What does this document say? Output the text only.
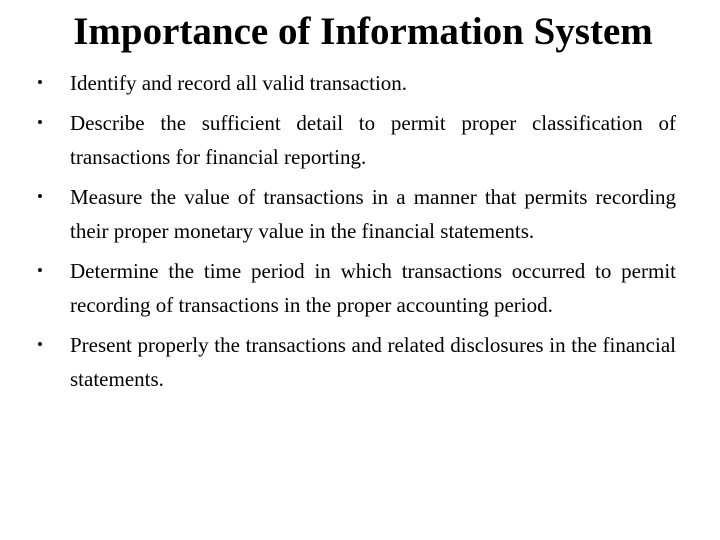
Importance of Information System
•	Identify and record all valid transaction.
•	Describe the sufficient detail to permit proper classification of transactions for financial reporting.
•	Measure the value of transactions in a manner that permits recording their proper monetary value in the financial statements.
•	Determine the time period in which transactions occurred to permit recording of transactions in the proper accounting period.
•	Present properly the transactions and related disclosures in the financial statements.
